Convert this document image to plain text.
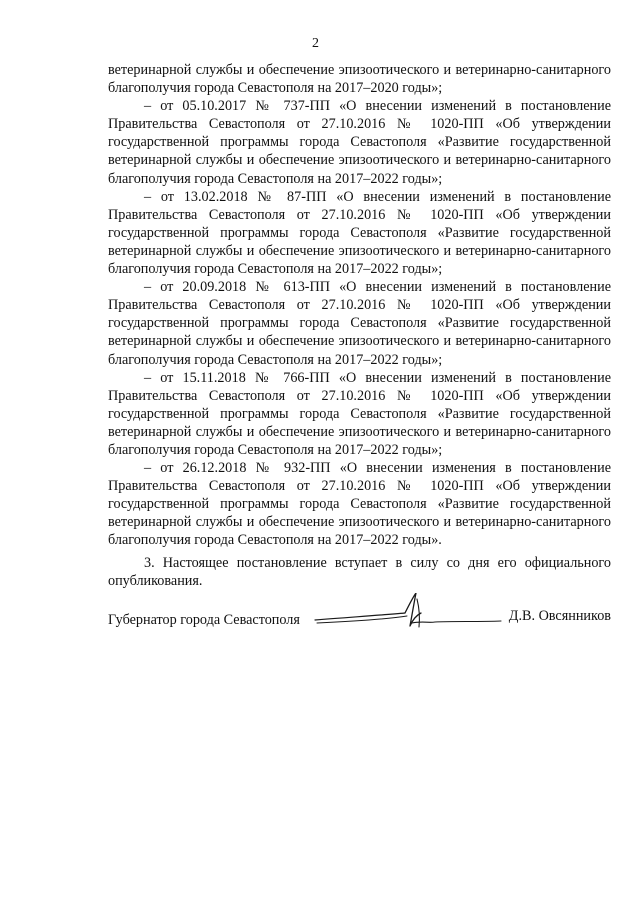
2

ветеринарной службы и обеспечение эпизоотического и ветеринарно-санитарного благополучия города Севастополя на 2017–2020 годы»;

– от 05.10.2017 № 737-ПП «О внесении изменений в постановление Правительства Севастополя от 27.10.2016 № 1020-ПП «Об утверждении государственной программы города Севастополя «Развитие государственной ветеринарной службы и обеспечение эпизоотического и ветеринарно-санитарного благополучия города Севастополя на 2017–2022 годы»;

– от 13.02.2018 № 87-ПП «О внесении изменений в постановление Правительства Севастополя от 27.10.2016 № 1020-ПП «Об утверждении государственной программы города Севастополя «Развитие государственной ветеринарной службы и обеспечение эпизоотического и ветеринарно-санитарного благополучия города Севастополя на 2017–2022 годы»;

– от 20.09.2018 № 613-ПП «О внесении изменений в постановление Правительства Севастополя от 27.10.2016 № 1020-ПП «Об утверждении государственной программы города Севастополя «Развитие государственной ветеринарной службы и обеспечение эпизоотического и ветеринарно-санитарного благополучия города Севастополя на 2017–2022 годы»;

– от 15.11.2018 № 766-ПП «О внесении изменений в постановление Правительства Севастополя от 27.10.2016 № 1020-ПП «Об утверждении государственной программы города Севастополя «Развитие государственной ветеринарной службы и обеспечение эпизоотического и ветеринарно-санитарного благополучия города Севастополя на 2017–2022 годы»;

– от 26.12.2018 № 932-ПП «О внесении изменения в постановление Правительства Севастополя от 27.10.2016 № 1020-ПП «Об утверждении государственной программы города Севастополя «Развитие государственной ветеринарной службы и обеспечение эпизоотического и ветеринарно-санитарного благополучия города Севастополя на 2017–2022 годы».

3. Настоящее постановление вступает в силу со дня его официального опубликования.

Губернатор города Севастополя	Д.В. Овсянников
